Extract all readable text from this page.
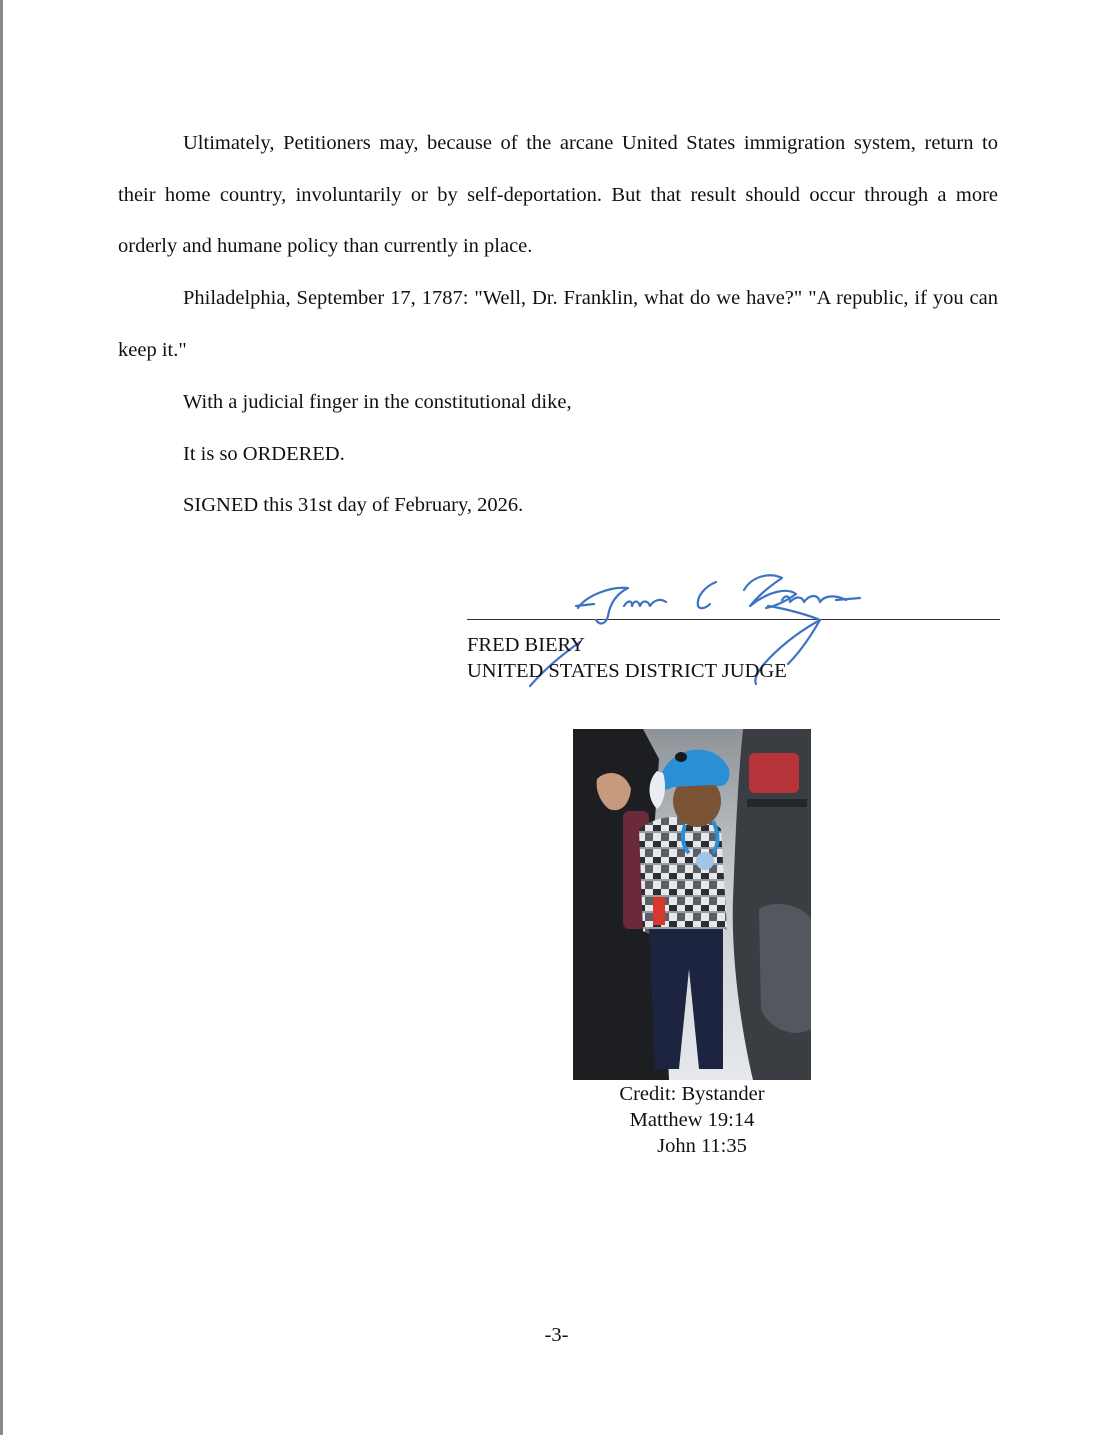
Ultimately, Petitioners may, because of the arcane United States immigration system, return to their home country, involuntarily or by self-deportation. But that result should occur through a more orderly and humane policy than currently in place.

Philadelphia, September 17, 1787: "Well, Dr. Franklin, what do we have?" "A republic, if you can keep it."

With a judicial finger in the constitutional dike,

It is so ORDERED.

SIGNED this 31st day of February, 2026.

FRED BIERY

UNITED STATES DISTRICT JUDGE

Credit: Bystander

Matthew 19:14

John 11:35

-3-
